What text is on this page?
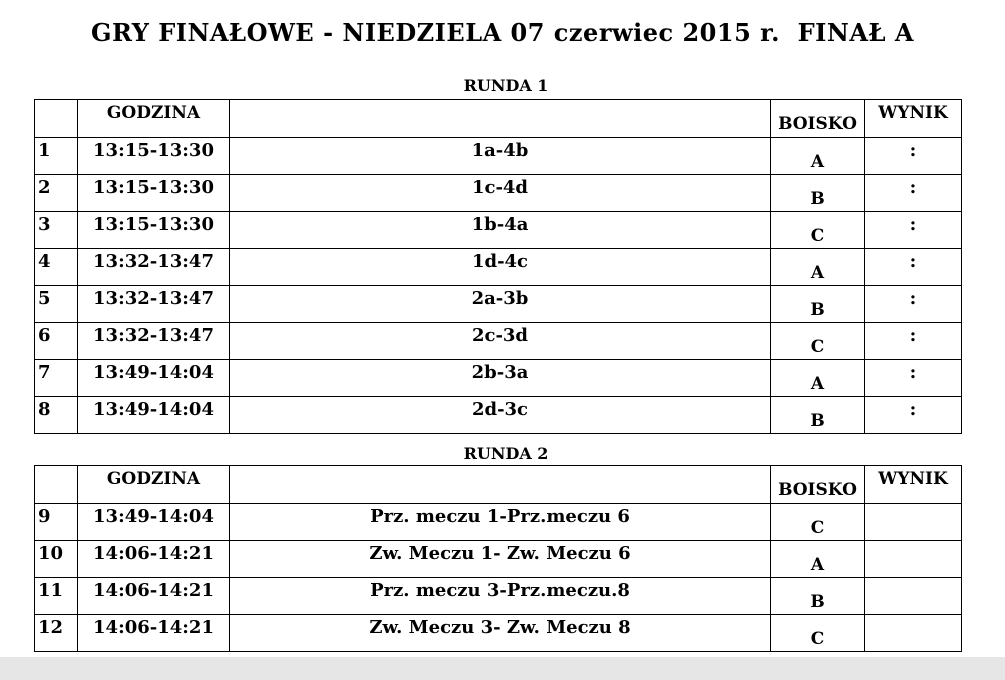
GRY FINAŁOWE - NIEDZIELA 07 czerwiec 2015 r.  FINAŁ A
RUNDA 1
	GODZINA		BOISKO	WYNIK
1	13:15-13:30	1a-4b	A	:
2	13:15-13:30	1c-4d	B	:
3	13:15-13:30	1b-4a	C	:
4	13:32-13:47	1d-4c	A	:
5	13:32-13:47	2a-3b	B	:
6	13:32-13:47	2c-3d	C	:
7	13:49-14:04	2b-3a	A	:
8	13:49-14:04	2d-3c	B	:
RUNDA 2
	GODZINA		BOISKO	WYNIK
9	13:49-14:04	Prz. meczu 1-Prz.meczu 6	C	
10	14:06-14:21	Zw. Meczu 1- Zw. Meczu 6	A	
11	14:06-14:21	Prz. meczu 3-Prz.meczu.8	B	
12	14:06-14:21	Zw. Meczu 3- Zw. Meczu 8	C	
